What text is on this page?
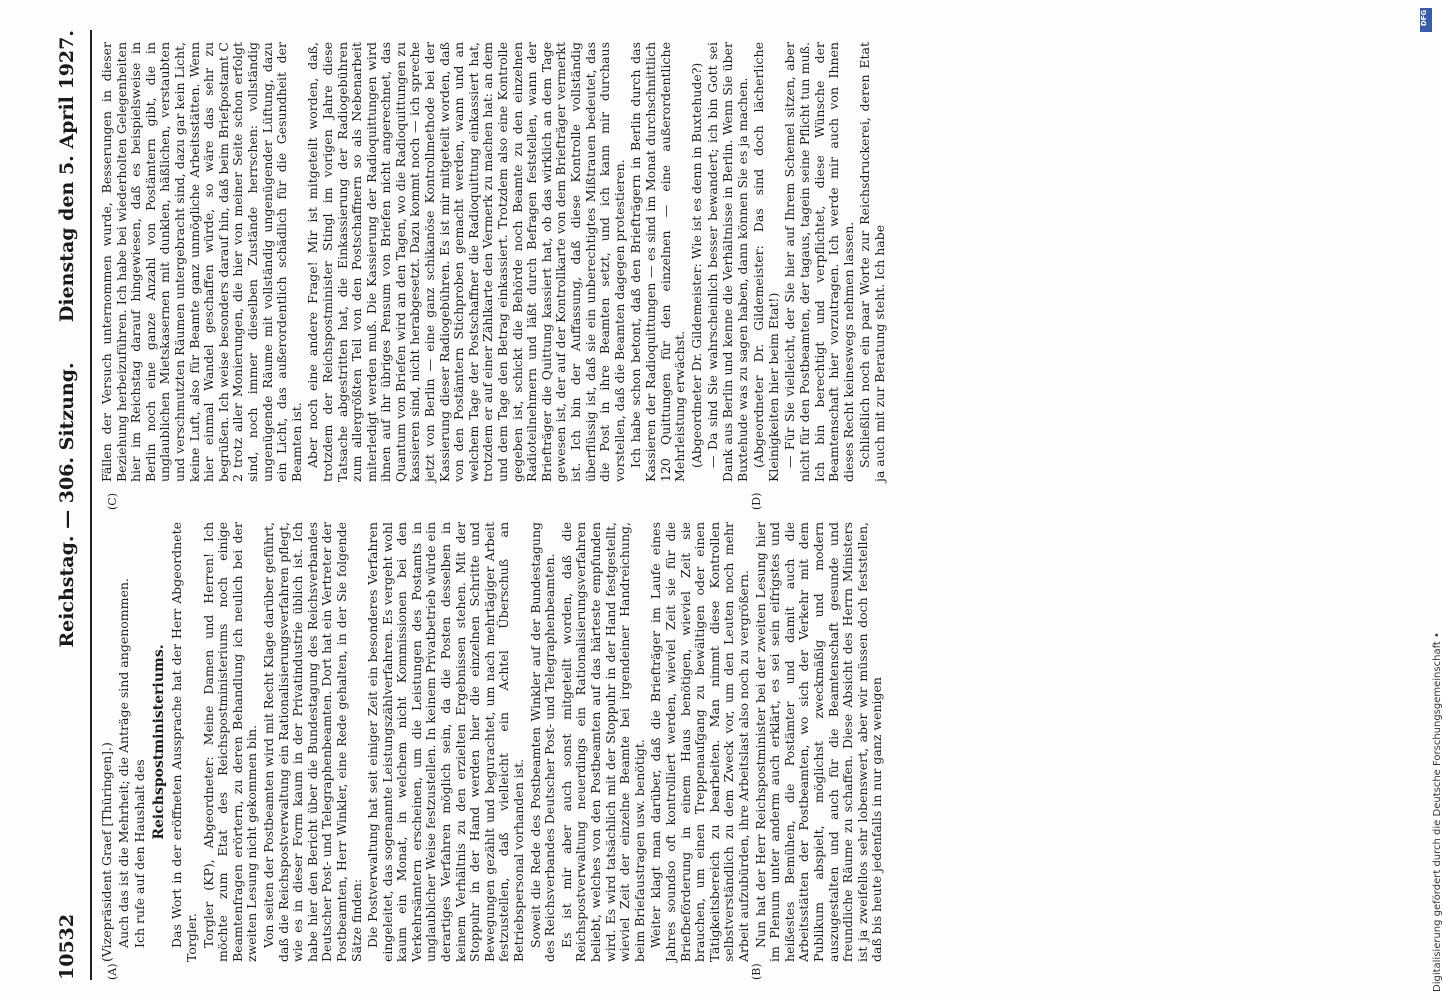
10532
Reichstag. — 306. Sitzung.
Dienstag den 5. April 1927.

(Vizepräsident Graef [Thüringen].) Auch das ist die Mehrheit; die Anträge sind angenommen. Ich rufe auf den Haushalt des

Reichspostministeriums. Das Wort in der eröffneten Aussprache hat der Herr Abgeordnete Torgler. Torgler (KP), Abgeordneter: Meine Damen und Herren! Ich möchte zum Etat des Reichspostministeriums noch einige Beamtenfragen erörtern, zu deren Behandlung ich neulich bei der zweiten Lesung nicht gekommen bin. Von seiten der Postbeamten wird mit Recht Klage darüber geführt, daß die Reichspostverwaltung ein Rationalisierungsverfahren pflegt, wie es in dieser Form kaum in der Privatindustrie üblich ist. Ich habe hier den Bericht über die Bundestagung des Reichsverbandes Deutscher Post- und Telegraphenbeamten. Dort hat ein Vertreter der Postbeamten, Herr Winkler, eine Rede gehalten, in der Sie folgende Sätze finden: Die Postverwaltung hat seit einiger Zeit ein besonderes Verfahren eingeleitet, das sogenannte Leistungszählverfahren. Es vergeht wohl kaum ein Monat, in welchem nicht Kommissionen bei den Verkehrsämtern erscheinen, um die Leistungen des Postamts in unglaublicher Weise festzustellen. In keinem Privatbetrieb würde ein derartiges Verfahren möglich sein, da die Posten desselben in keinem Verhältnis zu den erzielten Ergebnissen stehen. Mit der Stoppuhr in der Hand werden hier die einzelnen Schritte und Bewegungen gezählt und beguтachtet, um nach mehrtägiger Arbeit festzustellen, daß vielleicht ein Achtel Überschuß an Betriebspersonal vorhanden ist. Soweit die Rede des Postbeamten Winkler auf der Bundestagung des Reichsverbandes Deutscher Post- und Telegraphenbeamten. Es ist mir aber auch sonst mitgeteilt worden, daß die Reichspostverwaltung neuerdings ein Rationalisierungsverfahren beliebt, welches von den Postbeamten auf das härteste empfunden wird. Es wird tatsächlich mit der Stoppuhr in der Hand festgestellt, wieviel Zeit der einzelne Beamte bei irgendeiner Handreichung, beim Briefaustragen usw. benötigt. Weiter klagt man darüber, daß die Briefträger im Laufe eines Jahres soundso oft kontrolliert werden, wieviel Zeit sie für die Briefbeförderung in einem Haus benötigen, wieviel Zeit sie brauchen, um einen Treppenaufgang zu bewältigen oder einen Tätigkeitsbereich zu bearbeiten. Man nimmt diese Kontrollen selbstverständlich zu dem Zweck vor, um den Leuten noch mehr Arbeit aufzubürden, ihre Arbeitslast also noch zu vergrößern. Nun hat der Herr Reichspostminister bei der zweiten Lesung hier im Plenum unter anderm auch erklärt, es sei sein eifrigstes und heißestes Bemühen, die Postämter und damit auch die Arbeitsstätten der Postbeamten, wo sich der Verkehr mit dem Publikum abspielt, möglichst zweckmäßig und modern auszugestalten und auch für die Beamtenschaft gesunde und freundliche Räume zu schaffen. Diese Absicht des Herrn Ministers ist ja zweifellos sehr lobenswert, aber wir müssen doch feststellen, daß bis heute jedenfalls in nur ganz wenigen

(A)	(B)
(C)	(D)

Fällen der Versuch unternommen wurde, Besserungen in dieser Beziehung herbeizuführen. Ich habe bei wiederholten Gelegenheiten hier im Reichstag darauf hingewiesen, daß es beispielsweise in Berlin noch eine ganze Anzahl von Postämtern gibt, die in unglaublichen Mietskasernen mit dunklen, häßlichen, verstaubten und verschmutzten Räumen untergebracht sind, dazu gar kein Licht, keine Luft, also für Beamte ganz unmögliche Arbeitsstätten. Wenn hier einmal Wandel geschaffen würde, so wäre das sehr zu begrüßen. Ich weise besonders darauf hin, daß beim Briefpostamt C 2 trotz aller Monierungen, die hier von meiner Seite schon erfolgt sind, noch immer dieselben Zustände herrschen: vollständig ungenügende Räume mit vollständig ungenügender Lüftung, dazu ein Licht, das außerordentlich schädlich für die Gesundheit der Beamten ist. Aber noch eine andere Frage! Mir ist mitgeteilt worden, daß, trotzdem der Reichspostminister Stingl im vorigen Jahre diese Tatsache abgestritten hat, die Einkassierung der Radiogebühren zum allergrößten Teil von den Postschaffnern so als Nebenarbeit miterledigt werden muß. Die Kassierung der Radioquittungen wird ihnen auf ihr übriges Pensum von Briefen nicht angerechnet, das Quantum von Briefen wird an den Tagen, wo die Radioquittungen zu kassieren sind, nicht herabgesetzt. Dazu kommt noch — ich spreche jetzt von Berlin — eine ganz schikanöse Kontrollmethode bei der Kassierung dieser Radiogebühren. Es ist mir mitgeteilt worden, daß von den Postämtern Stichproben gemacht werden, wann und an welchem Tage der Postschaffner die Radioquittung einkassiert hat, trotzdem er auf einer Zählkarte den Vermerk zu machen hat: an dem und dem Tage den Betrag einkassiert. Trotzdem also eine Kontrolle gegeben ist, schickt die Behörde noch Beamte zu den einzelnen Radioteilnehmern und läßt durch Befragen feststellen, wann der Briefträger die Quittung kassiert hat, ob das wirklich an dem Tage gewesen ist, der auf der Kontrollkarte von dem Briefträger vermerkt ist. Ich bin der Auffassung, daß diese Kontrolle vollständig überflüssig ist, daß sie ein unberechtigtes Mißtrauen bedeutet, das die Post in ihre Beamten setzt, und ich kann mir durchaus vorstellen, daß die Beamten dagegen protestieren. Ich habe schon betont, daß den Briefträgern in Berlin durch das Kassieren der Radioquittungen — es sind im Monat durchschnittlich 120 Quittungen für den einzelnen — eine außerordentliche Mehrleistung erwächst. (Abgeordneter Dr. Gildemeister: Wie ist es denn in Buxtehude?) — Da sind Sie wahrscheinlich besser bewandert; ich bin Gott sei Dank aus Berlin und kenne die Verhältnisse in Berlin. Wenn Sie über Buxtehude was zu sagen haben, dann können Sie es ja machen. (Abgeordneter Dr. Gildemeister: Das sind doch lächerliche Kleinigkeiten hier beim Etat!) — Für Sie vielleicht, der Sie hier auf Ihrem Schemel sitzen, aber nicht für den Postbeamten, der tagaus, tagein seine Pflicht tun muß. Ich bin berechtigt und verpflichtet, diese Wünsche der Beamtenschaft hier vorzutragen. Ich werde mir auch von Ihnen dieses Recht keineswegs nehmen lassen. Schließlich noch ein paar Worte zur Reichsdruckerei, deren Etat ja auch mit zur Beratung steht. Ich habe

Digitalisierung gefördert durch die Deutsche Forschungsgemeinschaft •
DFG
